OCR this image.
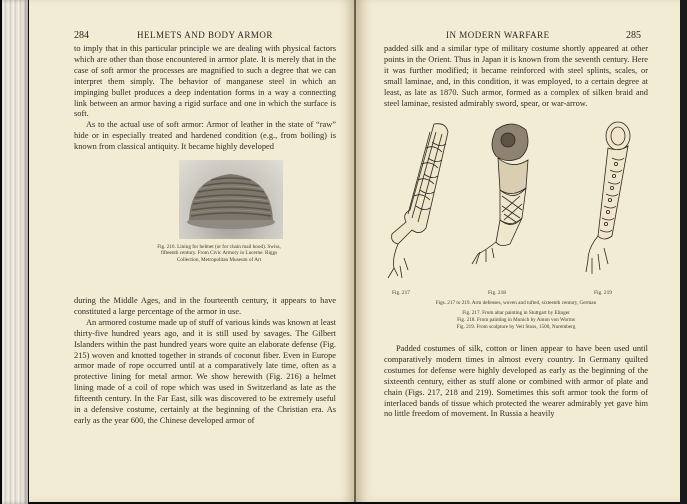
284	HELMETS AND BODY ARMOR

to imply that in this particular principle we are dealing with physical factors which are other than those encountered in armor plate. It is merely that in the case of soft armor the processes are magnified to such a degree that we can interpret them simply. The behavior of manganese steel in which an impinging bullet produces a deep indentation forms in a way a connecting link between an armor having a rigid surface and one in which the surface is soft.

As to the actual use of soft armor: Armor of leather in the state of “raw” hide or in especially treated and hardened condition (e.g., from boiling) is known from classical antiquity. It became highly developed

Fig. 216. Lining for helmet (or for chain mail hood). Swiss, fifteenth century. From Civic Armory in Lucerne. Riggs Collection, Metropolitan Museum of Art

during the Middle Ages, and in the fourteenth century, it appears to have constituted a large percentage of the armor in use.

An armored costume made up of stuff of various kinds was known at least thirty-five hundred years ago, and it is still used by savages. The Gilbert Islanders within the past hundred years wore quite an elaborate defense (Fig. 215) woven and knotted together in strands of coconut fiber. Even in Europe armor made of rope occurred until at a comparatively late time, often as a protective lining for metal armor. We show herewith (Fig. 216) a helmet lining made of a coil of rope which was used in Switzerland as late as the fifteenth century. In the Far East, silk was discovered to be extremely useful in a defensive costume, certainly at the beginning of the Christian era. As early as the year 600, the Chinese developed armor of

IN MODERN WARFARE	285

padded silk and a similar type of military costume shortly appeared at other points in the Orient. Thus in Japan it is known from the seventh century. Here it was further modified; it became reinforced with steel splints, scales, or small laminae, and, in this condition, it was employed, to a certain degree at least, as late as 1870. Such armor, formed as a complex of silken braid and steel laminae, resisted admirably sword, spear, or war-arrow.

Fig. 217	Fig. 218	Fig. 219
Figs. 217 to 219. Arm defenses, woven and tufted, sixteenth century, German
Fig. 217. From altar painting in Stuttgart by Elinger
Fig. 218. From painting in Munich by Anton von Worms
Fig. 219. From sculpture by Veit Stoss, 1500, Nuremberg

Padded costumes of silk, cotton or linen appear to have been used until comparatively modern times in almost every country. In Germany quilted costumes for defense were highly developed as early as the beginning of the sixteenth century, either as stuff alone or combined with armor of plate and chain (Figs. 217, 218 and 219). Sometimes this soft armor took the form of interlaced bands of tissue which protected the wearer admirably yet gave him no little freedom of movement. In Russia a heavily
